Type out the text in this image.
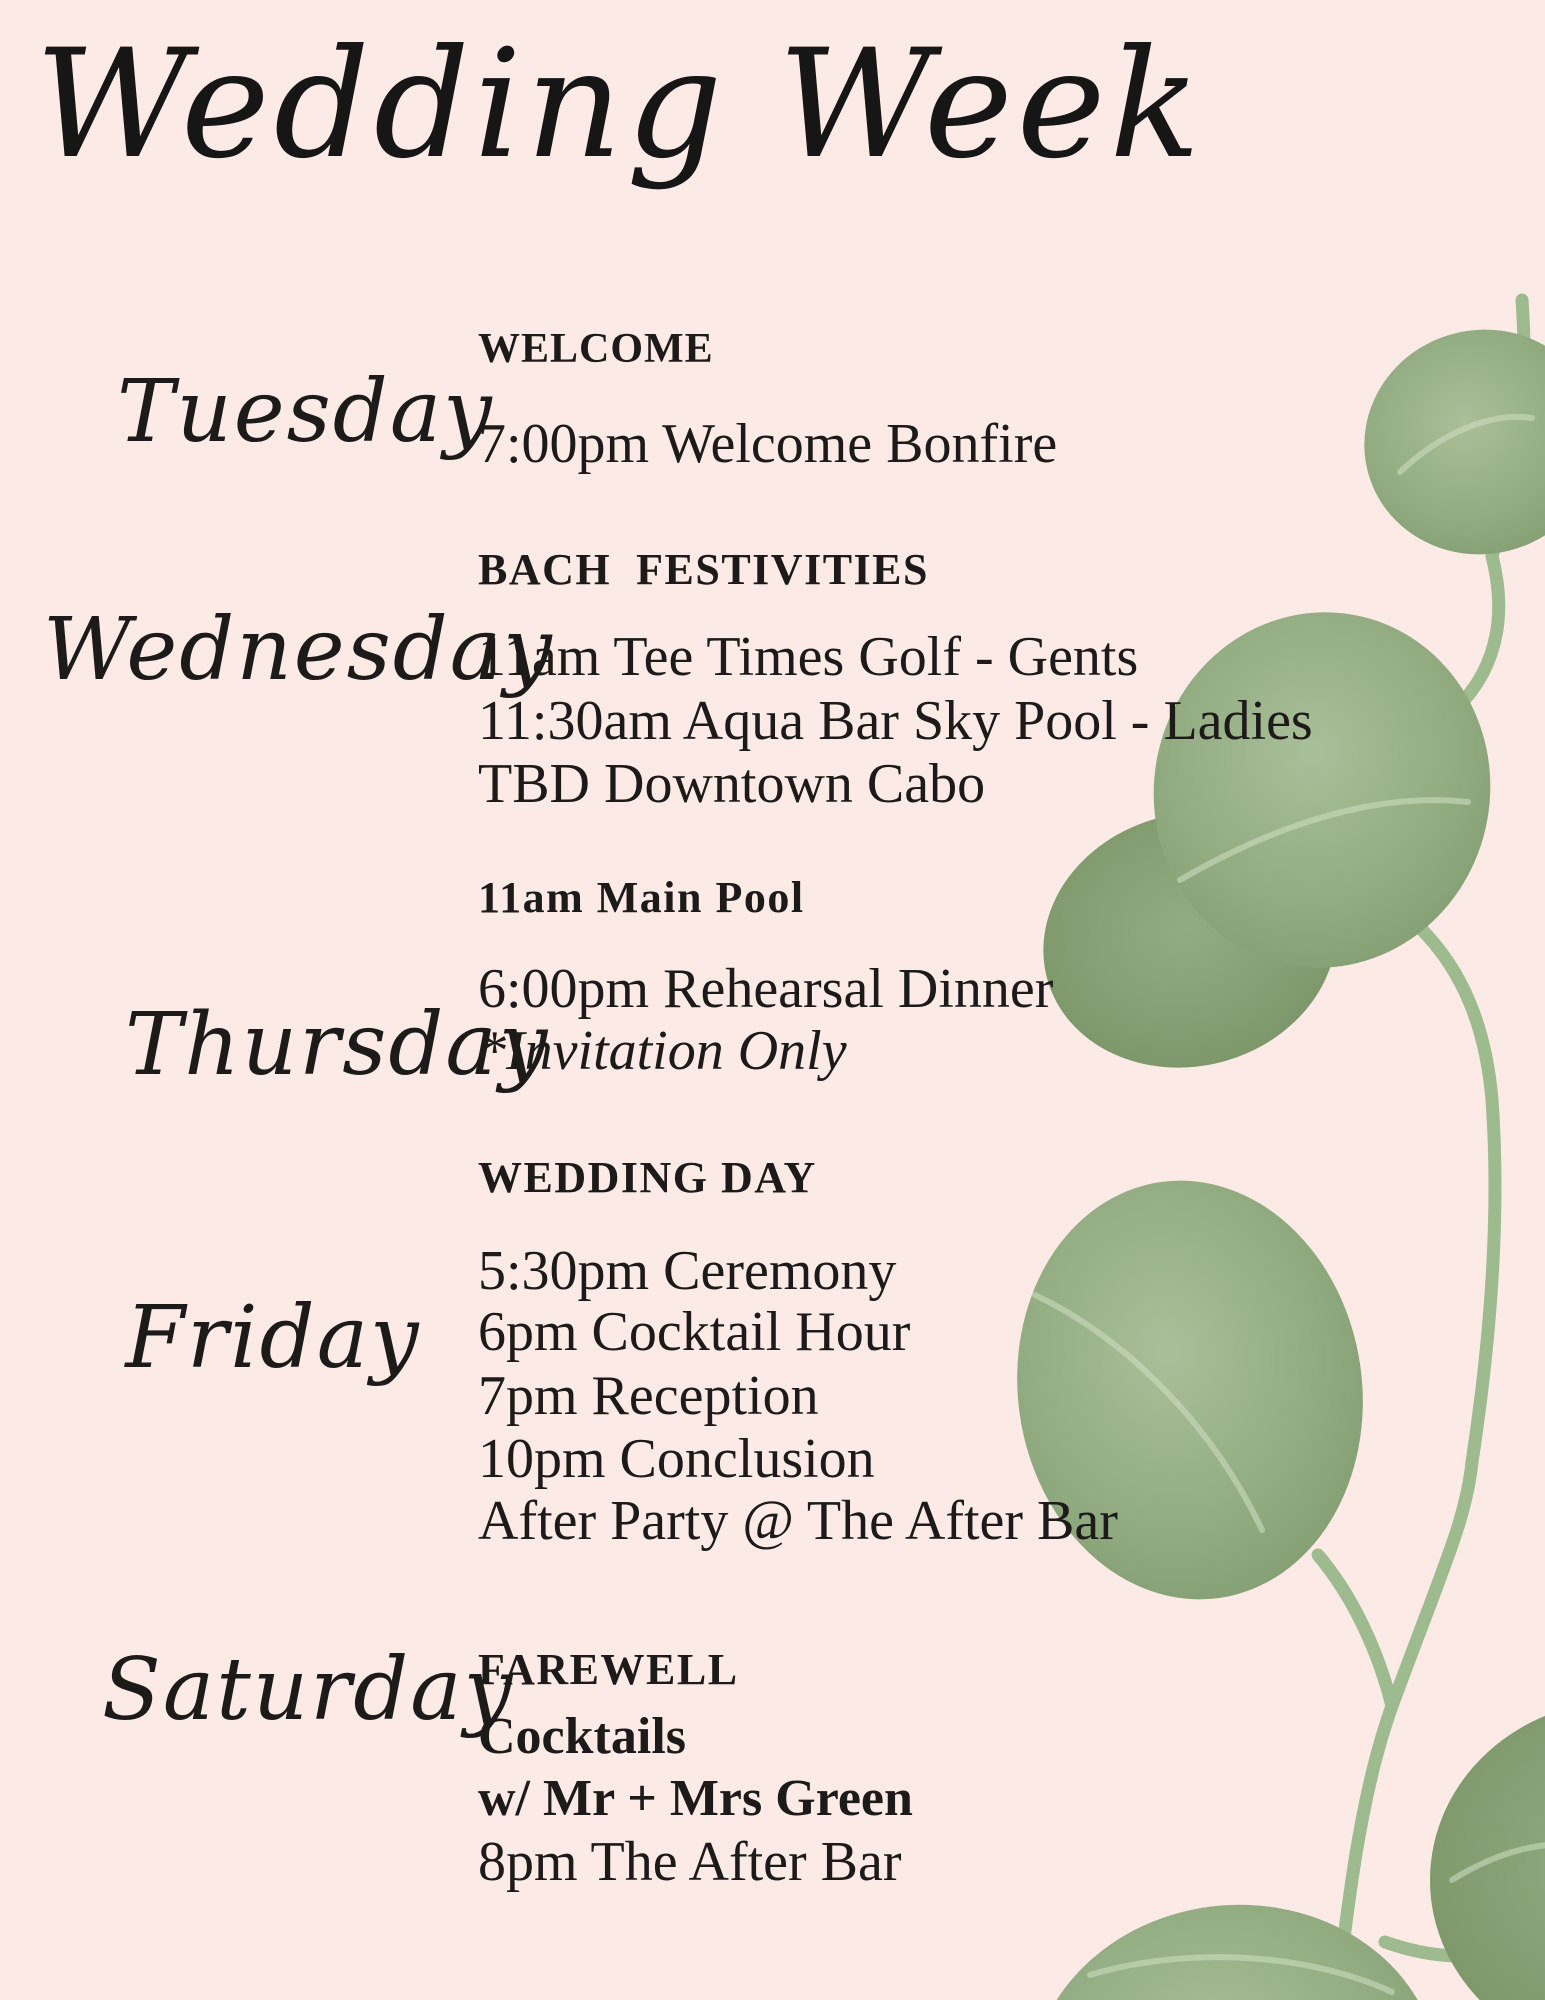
Wedding Week
Tuesday
Wednesday
Thursday
Friday
Saturday
WELCOME
7:00pm Welcome Bonfire
BACH  FESTIVITIES
11am Tee Times Golf - Gents
11:30am Aqua Bar Sky Pool - Ladies
TBD Downtown Cabo
11am Main Pool
6:00pm Rehearsal Dinner
*Invitation Only
WEDDING DAY
5:30pm Ceremony
6pm Cocktail Hour
7pm Reception
10pm Conclusion
After Party @ The After Bar
FAREWELL
Cocktails
w/ Mr + Mrs Green
8pm The After Bar
